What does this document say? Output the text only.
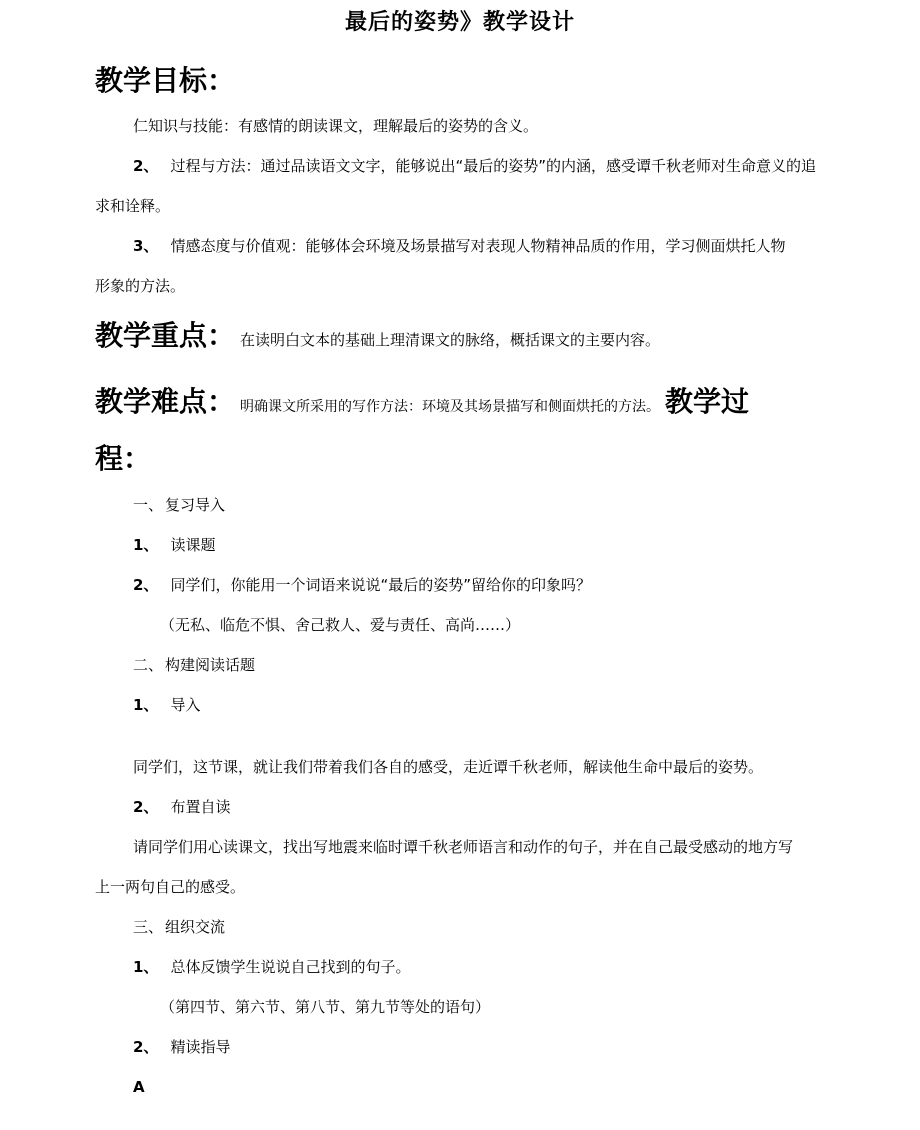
最后的姿势》教学设计

教学目标：

仁知识与技能：有感情的朗读课文，理解最后的姿势的含义。

2、 过程与方法：通过品读语文文字，能够说出“最后的姿势”的内涵，感受谭千秋老师对生命意义的追求和诠释。

3、 情感态度与价值观：能够体会环境及场景描写对表现人物精神品质的作用，学习侧面烘托人物形象的方法。

教学重点： 在读明白文本的基础上理清课文的脉络，概括课文的主要内容。
教学难点： 明确课文所采用的写作方法：环境及其场景描写和侧面烘托的方法。 教学过程：

一、 复习导入

1、 读课题

2、 同学们，你能用一个词语来说说“最后的姿势”留给你的印象吗？

（无私、临危不惧、舍己救人、爱与责任、高尚……）

二、 构建阅读话题

1、 导入

同学们，这节课，就让我们带着我们各自的感受，走近谭千秋老师，解读他生命中最后的姿势。

2、 布置自读

请同学们用心读课文，找出写地震来临时谭千秋老师语言和动作的句子，并在自己最受感动的地方写上一两句自己的感受。

三、 组织交流

1、 总体反馈学生说说自己找到的句子。

（第四节、第六节、第八节、第九节等处的语句）

2、 精读指导

A
